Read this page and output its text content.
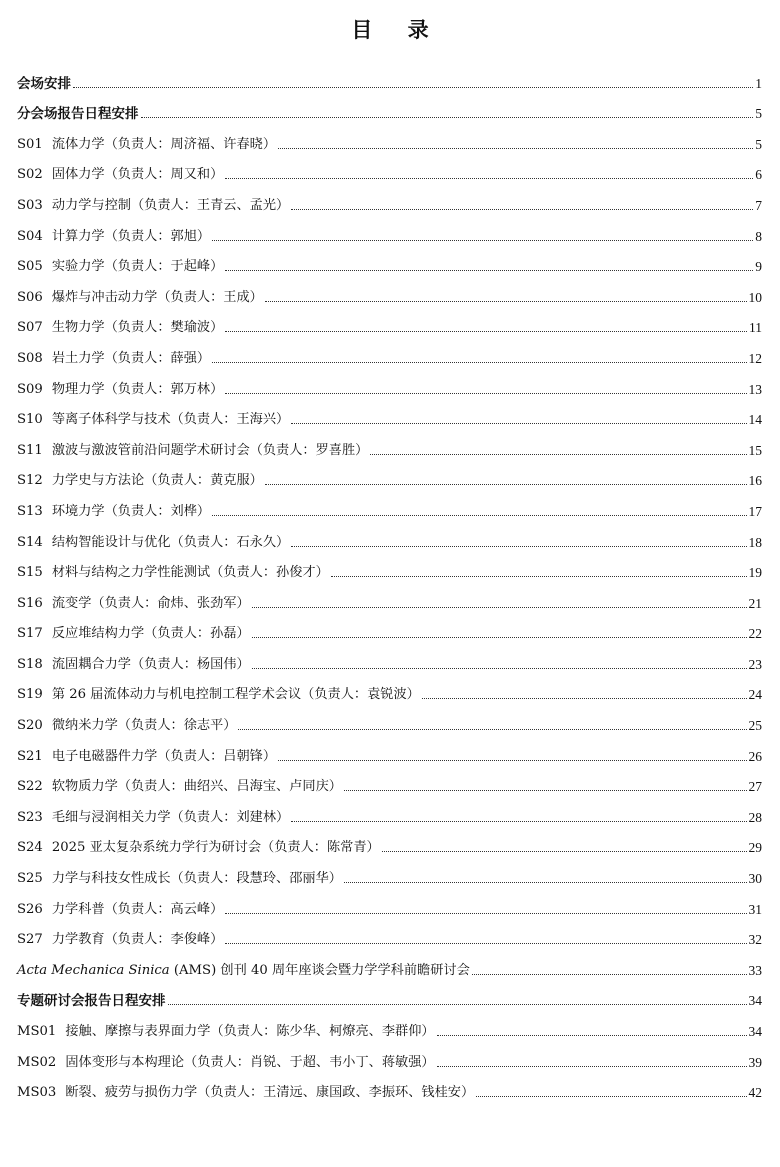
目 录
会场安排	1
分会场报告日程安排	5
S01 流体力学（负责人：周济福、许春晓）	5
S02 固体力学（负责人：周又和）	6
S03 动力学与控制（负责人：王青云、孟光）	7
S04 计算力学（负责人：郭旭）	8
S05 实验力学（负责人：于起峰）	9
S06 爆炸与冲击动力学（负责人：王成）	10
S07 生物力学（负责人：樊瑜波）	11
S08 岩土力学（负责人：薛强）	12
S09 物理力学（负责人：郭万林）	13
S10 等离子体科学与技术（负责人：王海兴）	14
S11 激波与激波管前沿问题学术研讨会（负责人：罗喜胜）	15
S12 力学史与方法论（负责人：黄克服）	16
S13 环境力学（负责人：刘桦）	17
S14 结构智能设计与优化（负责人：石永久）	18
S15 材料与结构之力学性能测试（负责人：孙俊才）	19
S16 流变学（负责人：俞炜、张劲军）	21
S17 反应堆结构力学（负责人：孙磊）	22
S18 流固耦合力学（负责人：杨国伟）	23
S19 第 26 届流体动力与机电控制工程学术会议（负责人：袁锐波）	24
S20 微纳米力学（负责人：徐志平）	25
S21 电子电磁器件力学（负责人：吕朝锋）	26
S22 软物质力学（负责人：曲绍兴、吕海宝、卢同庆）	27
S23 毛细与浸润相关力学（负责人：刘建林）	28
S24 2025 亚太复杂系统力学行为研讨会（负责人：陈常青）	29
S25 力学与科技女性成长（负责人：段慧玲、邵丽华）	30
S26 力学科普（负责人：高云峰）	31
S27 力学教育（负责人：李俊峰）	32
Acta Mechanica Sinica (AMS) 创刊 40 周年座谈会暨力学学科前瞻研讨会	33
专题研讨会报告日程安排	34
MS01 接触、摩擦与表界面力学（负责人：陈少华、柯燎亮、李群仰）	34
MS02 固体变形与本构理论（负责人：肖锐、于超、韦小丁、蒋敏强）	39
MS03 断裂、疲劳与损伤力学（负责人：王清远、康国政、李振环、钱桂安）	42
